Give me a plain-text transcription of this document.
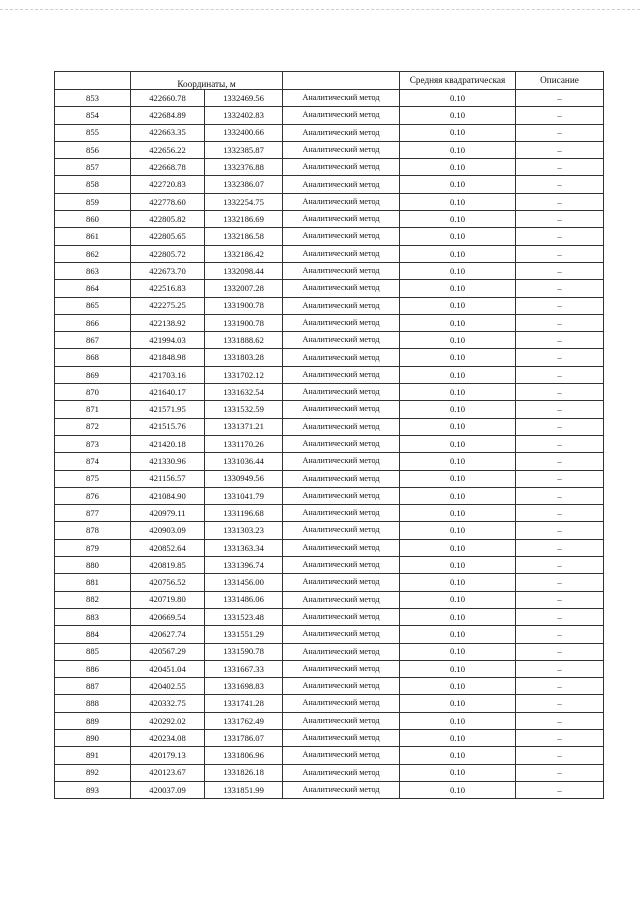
	Координаты, м			Средняя квадратическая	Описание
853	422660.78	1332469.56	Аналитический метод	0.10	–
854	422684.89	1332402.83	Аналитический метод	0.10	–
855	422663.35	1332400.66	Аналитический метод	0.10	–
856	422656.22	1332385.87	Аналитический метод	0.10	–
857	422668.78	1332376.88	Аналитический метод	0.10	–
858	422720.83	1332386.07	Аналитический метод	0.10	–
859	422778.60	1332254.75	Аналитический метод	0.10	–
860	422805.82	1332186.69	Аналитический метод	0.10	–
861	422805.65	1332186.58	Аналитический метод	0.10	–
862	422805.72	1332186.42	Аналитический метод	0.10	–
863	422673.70	1332098.44	Аналитический метод	0.10	–
864	422516.83	1332007.28	Аналитический метод	0.10	–
865	422275.25	1331900.78	Аналитический метод	0.10	–
866	422138.92	1331900.78	Аналитический метод	0.10	–
867	421994.03	1331888.62	Аналитический метод	0.10	–
868	421848.98	1331803.28	Аналитический метод	0.10	–
869	421703.16	1331702.12	Аналитический метод	0.10	–
870	421640.17	1331632.54	Аналитический метод	0.10	–
871	421571.95	1331532.59	Аналитический метод	0.10	–
872	421515.76	1331371.21	Аналитический метод	0.10	–
873	421420.18	1331170.26	Аналитический метод	0.10	–
874	421330.96	1331036.44	Аналитический метод	0.10	–
875	421156.57	1330949.56	Аналитический метод	0.10	–
876	421084.90	1331041.79	Аналитический метод	0.10	–
877	420979.11	1331196.68	Аналитический метод	0.10	–
878	420903.09	1331303.23	Аналитический метод	0.10	–
879	420852.64	1331363.34	Аналитический метод	0.10	–
880	420819.85	1331396.74	Аналитический метод	0.10	–
881	420756.52	1331456.00	Аналитический метод	0.10	–
882	420719.80	1331486.06	Аналитический метод	0.10	–
883	420669.54	1331523.48	Аналитический метод	0.10	–
884	420627.74	1331551.29	Аналитический метод	0.10	–
885	420567.29	1331590.78	Аналитический метод	0.10	–
886	420451.04	1331667.33	Аналитический метод	0.10	–
887	420402.55	1331698.83	Аналитический метод	0.10	–
888	420332.75	1331741.28	Аналитический метод	0.10	–
889	420292.02	1331762.49	Аналитический метод	0.10	–
890	420234.08	1331786.07	Аналитический метод	0.10	–
891	420179.13	1331806.96	Аналитический метод	0.10	–
892	420123.67	1331826.18	Аналитический метод	0.10	–
893	420037.09	1331851.99	Аналитический метод	0.10	–
